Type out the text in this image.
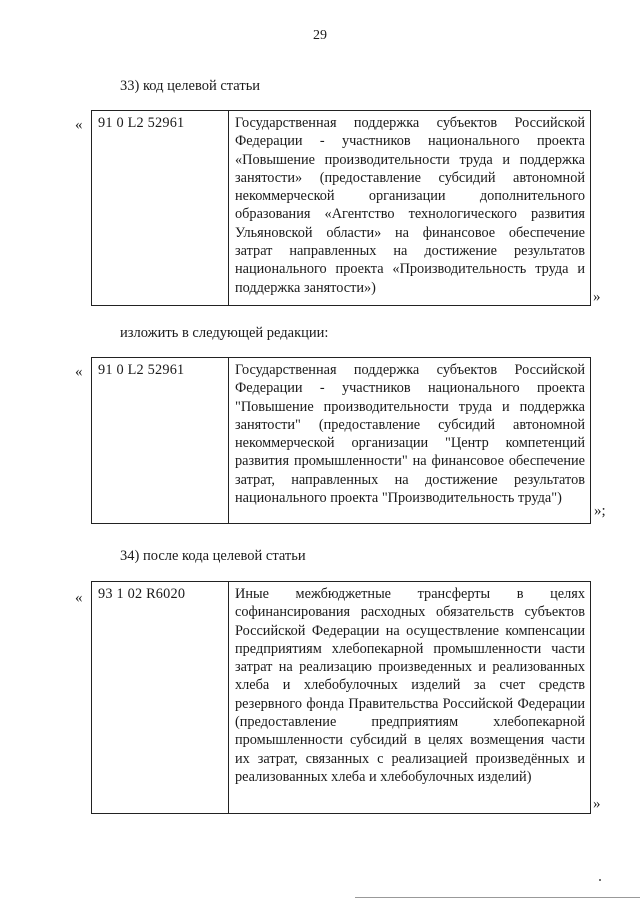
29
33) код целевой статьи
« 91 0 L2 52961	Государственная поддержка субъектов Российской Федерации - участников национального проекта «Повышение производительности труда и поддержка занятости» (предоставление субсидий автономной некоммерческой организации дополнительного образования «Агентство технологического развития Ульяновской области» на финансовое обеспечение затрат направленных на достижение результатов национального проекта «Производительность труда и поддержка занятости»)
»
изложить в следующей редакции:
« 91 0 L2 52961	Государственная поддержка субъектов Российской Федерации - участников национального проекта "Повышение производительности труда и поддержка занятости" (предоставление субсидий автономной некоммерческой организации "Центр компетенций развития промышленности" на финансовое обеспечение затрат, направленных на достижение результатов национального проекта "Производительность труда")
»;
34) после кода целевой статьи
« 93 1 02 R6020	Иные межбюджетные трансферты в целях софинансирования расходных обязательств субъектов Российской Федерации на осуществление компенсации предприятиям хлебопекарной промышленности части затрат на реализацию произведенных и реализованных хлеба и хлебобулочных изделий за счет средств резервного фонда Правительства Российской Федерации (предоставление предприятиям хлебопекарной промышленности субсидий в целях возмещения части их затрат, связанных с реализацией произведённых и реализованных хлеба и хлебобулочных изделий)
»
